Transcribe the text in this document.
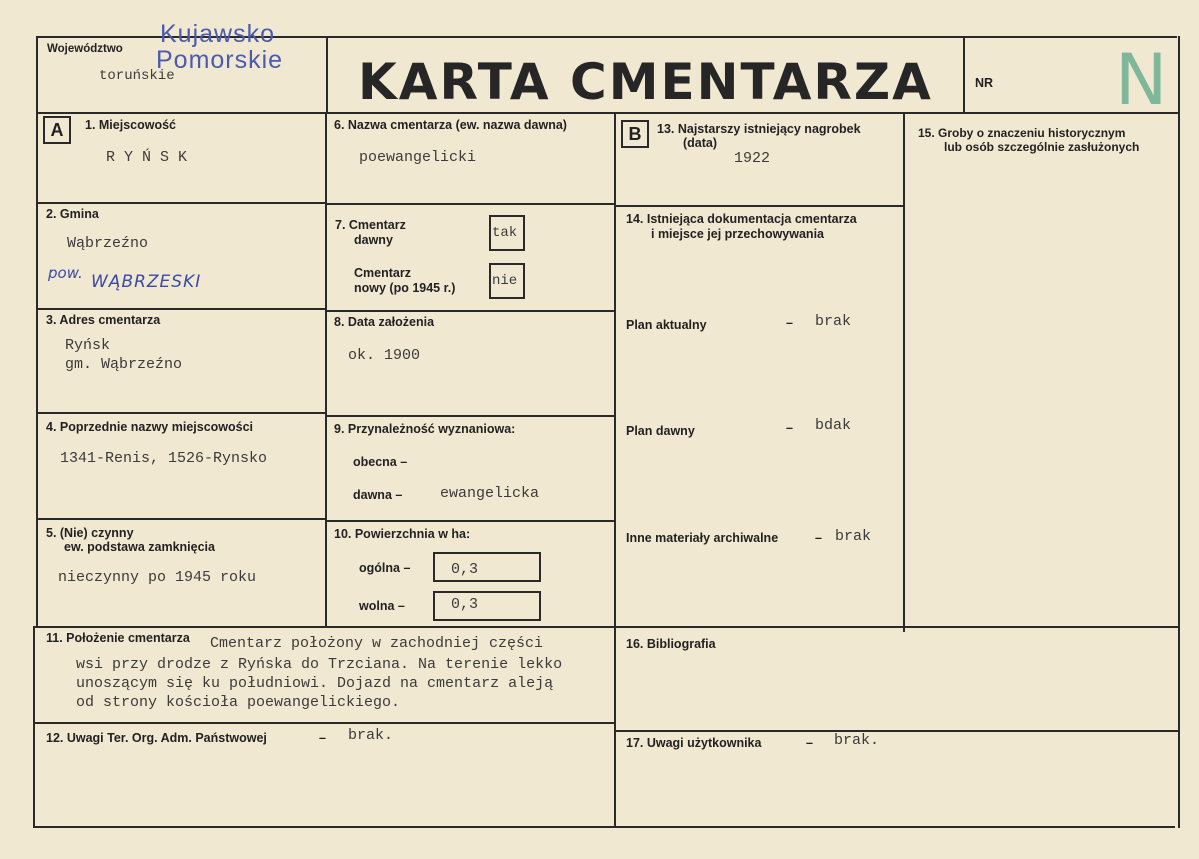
Województwo
toruńskie
Kujawsko
Pomorskie KARTA CMENTARZA	NR N
A	1. Miejscowość
R Y Ń S K
2. Gmina
Wąbrzeźno
pow. WĄBRZESKI
3. Adres cmentarza
Ryńsk
gm. Wąbrzeźno
4. Poprzednie nazwy miejscowości
1341-Renis, 1526-Rynsko
5. (Nie) czynny
ew. podstawa zamknięcia
nieczynny po 1945 roku
6. Nazwa cmentarza (ew. nazwa dawna)
poewangelicki
7. Cmentarz
dawny	tak
Cmentarz
nowy (po 1945 r.)	nie
8. Data założenia
ok. 1900
9. Przynależność wyznaniowa:
obecna –
dawna –	ewangelicka
10. Powierzchnia w ha:
ogólna –	0,3
wolna –	0,3
B	13. Najstarszy istniejący nagrobek
(data)
1922
14. Istniejąca dokumentacja cmentarza
i miejsce jej przechowywania
Plan aktualny	– brak
Plan dawny	– bdak
Inne materiały archiwalne	– brak
15. Groby o znaczeniu historycznym
lub osób szczególnie zasłużonych
11. Położenie cmentarza Cmentarz położony w zachodniej części
wsi przy drodze z Ryńska do Trzciana. Na terenie lekko
unoszącym się ku południowi. Dojazd na cmentarz aleją
od strony kościoła poewangelickiego.
12. Uwagi Ter. Org. Adm. Państwowej	– brak.
16. Bibliografia
17. Uwagi użytkownika	– brak.
